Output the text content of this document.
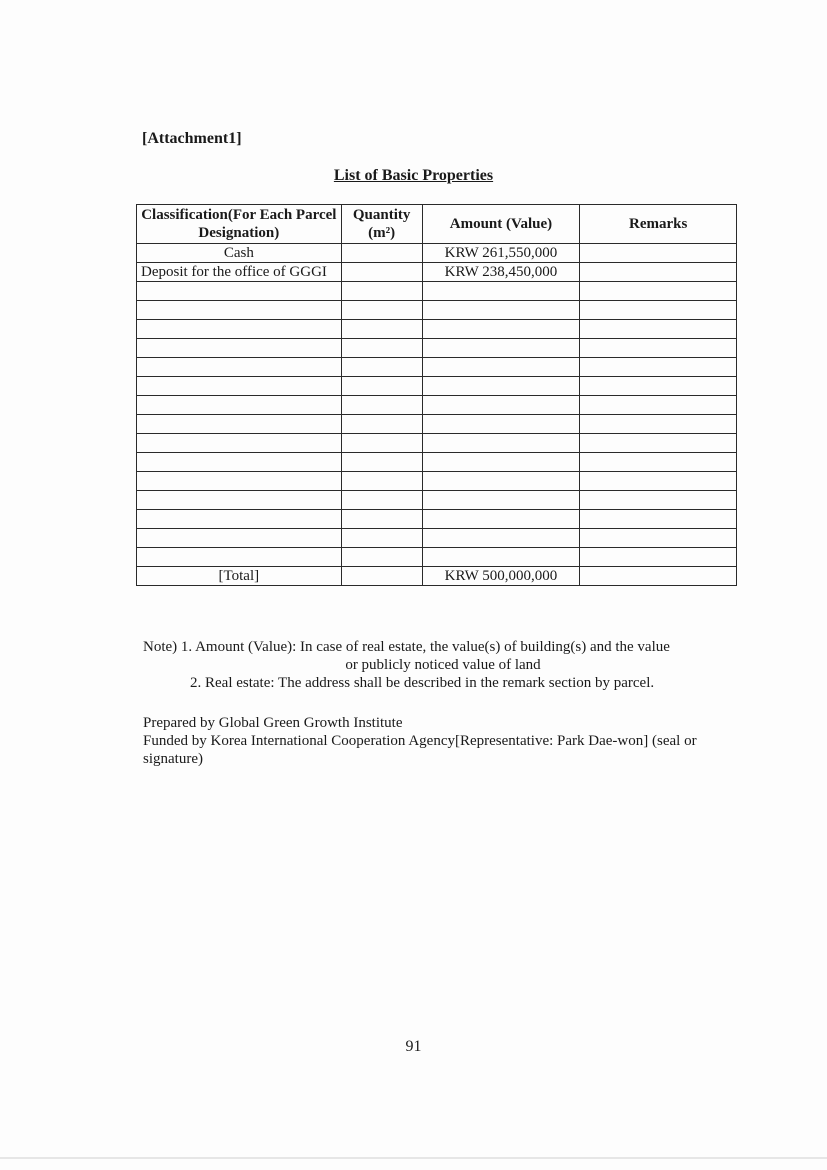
[Attachment1]
List of Basic Properties
Classification(For Each Parcel Designation)	Quantity (m²)	Amount (Value)	Remarks
Cash		KRW 261,550,000	
Deposit for the office of GGGI		KRW 238,450,000	

[Total]		KRW 500,000,000	
Note) 1. Amount (Value): In case of real estate, the value(s) of building(s) and the value
or publicly noticed value of land
2. Real estate: The address shall be described in the remark section by parcel.
Prepared by Global Green Growth Institute
Funded by Korea International Cooperation Agency[Representative: Park Dae-won] (seal or signature)
91
